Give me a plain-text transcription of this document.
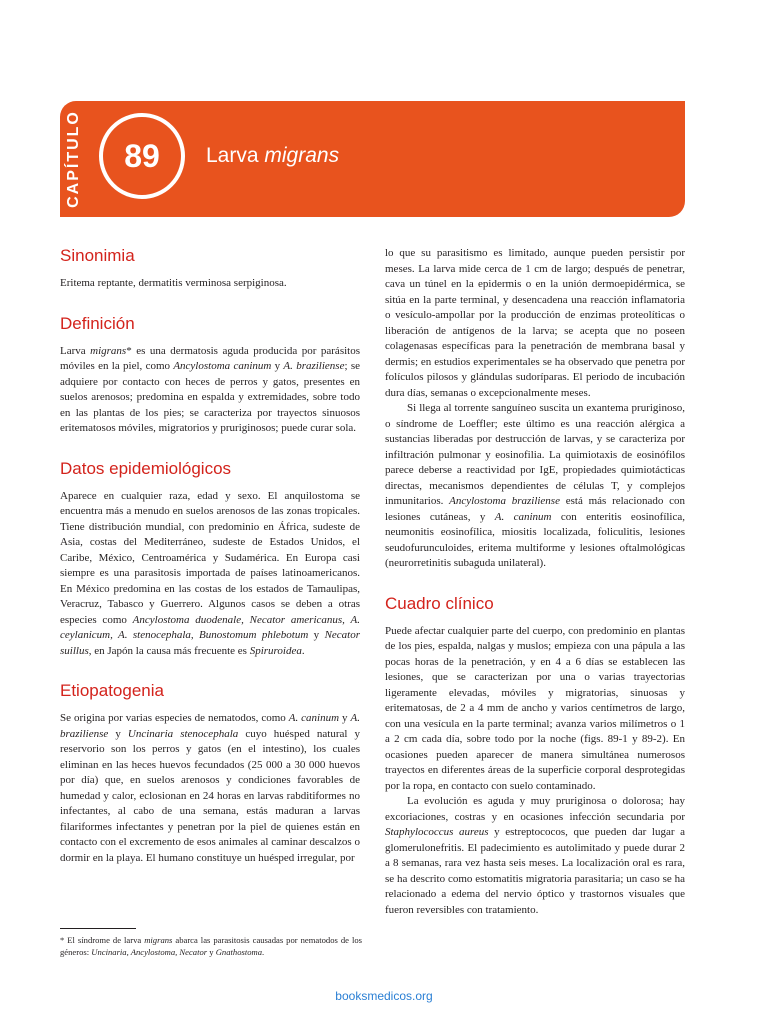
CAPÍTULO 89 Larva migrans
Sinonimia

Eritema reptante, dermatitis verminosa serpiginosa.

Definición

Larva migrans* es una dermatosis aguda producida por parásitos móviles en la piel, como Ancylostoma caninum y A. braziliense; se adquiere por contacto con heces de perros y gatos, presentes en suelos arenosos; predomina en espalda y extremidades, sobre todo en las plantas de los pies; se caracteriza por trayectos sinuosos eritematosos móviles, migratorios y pruriginosos; puede curar sola.

Datos epidemiológicos

Aparece en cualquier raza, edad y sexo. El anquilostoma se encuentra más a menudo en suelos arenosos de las zonas tropicales. Tiene distribución mundial, con predominio en África, sudeste de Asia, costas del Mediterráneo, sudeste de Estados Unidos, el Caribe, México, Centroamérica y Sudamérica. En Europa casi siempre es una parasitosis importada de países latinoamericanos. En México predomina en las costas de los estados de Tamaulipas, Veracruz, Tabasco y Guerrero. Algunos casos se deben a otras especies como Ancylostoma duodenale, Necator americanus, A. ceylanicum, A. stenocephala, Bunostomum phlebotum y Necator suillus, en Japón la causa más frecuente es Spiruroidea.

Etiopatogenia

Se origina por varias especies de nematodos, como A. caninum y A. braziliense y Uncinaria stenocephala cuyo huésped natural y reservorio son los perros y gatos (en el intestino), los cuales eliminan en las heces huevos fecundados (25 000 a 30 000 huevos por día) que, en suelos arenosos y condiciones favorables de humedad y calor, eclosionan en 24 horas en larvas rabditiformes no infectantes, al cabo de una semana, estás maduran a larvas filariformes infectantes y penetran por la piel de quienes están en contacto con el excremento de esos animales al caminar descalzos o dormir en la playa. El humano constituye un huésped irregular, por

* El síndrome de larva migrans abarca las parasitosis causadas por nematodos de los géneros: Uncinaria, Ancylostoma, Necator y Gnathostoma.

lo que su parasitismo es limitado, aunque pueden persistir por meses. La larva mide cerca de 1 cm de largo; después de penetrar, cava un túnel en la epidermis o en la unión dermoepidérmica, se sitúa en la parte terminal, y desencadena una reacción inflamatoria o vesículo-ampollar por la producción de enzimas proteolíticas o liberación de antígenos de la larva; se acepta que no poseen colagenasas específicas para la penetración de membrana basal y dermis; en estudios experimentales se ha observado que penetra por folículos pilosos y glándulas sudoríparas. El periodo de incubación dura días, semanas o excepcionalmente meses.

Si llega al torrente sanguíneo suscita un exantema pruriginoso, o síndrome de Loeffler; este último es una reacción alérgica a sustancias liberadas por destrucción de larvas, y se caracteriza por infiltración pulmonar y eosinofilia. La quimiotaxis de eosinófilos parece deberse a reactividad por IgE, propiedades quimiotácticas directas, mecanismos dependientes de células T, y complejos inmunitarios. Ancylostoma braziliense está más relacionado con lesiones cutáneas, y A. caninum con enteritis eosinofílica, neumonitis eosinofílica, miositis localizada, foliculitis, lesiones seudofurunculoides, eritema multiforme y lesiones oftalmológicas (neurorretinitis subaguda unilateral).

Cuadro clínico

Puede afectar cualquier parte del cuerpo, con predominio en plantas de los pies, espalda, nalgas y muslos; empieza con una pápula a las pocas horas de la penetración, y en 4 a 6 días se establecen las lesiones, que se caracterizan por una o varias trayectorias ligeramente elevadas, móviles y migratorias, sinuosas y eritematosas, de 2 a 4 mm de ancho y varios centímetros de largo, con una vesícula en la parte terminal; avanza varios milímetros o 1 a 2 cm cada día, sobre todo por la noche (figs. 89-1 y 89-2). En ocasiones pueden aparecer de manera simultánea numerosos trayectos en diferentes áreas de la superficie corporal desprotegidas por la ropa, en contacto con suelo contaminado.

La evolución es aguda y muy pruriginosa o dolorosa; hay excoriaciones, costras y en ocasiones infección secundaria por Staphylococcus aureus y estreptococos, que pueden dar lugar a glomerulonefritis. El padecimiento es autolimitado y puede durar 2 a 8 semanas, rara vez hasta seis meses. La localización oral es rara, se ha descrito como estomatitis migratoria parasitaria; un caso se ha relacionado a edema del nervio óptico y trastornos visuales que fueron reversibles con tratamiento.

booksmedicos.org
